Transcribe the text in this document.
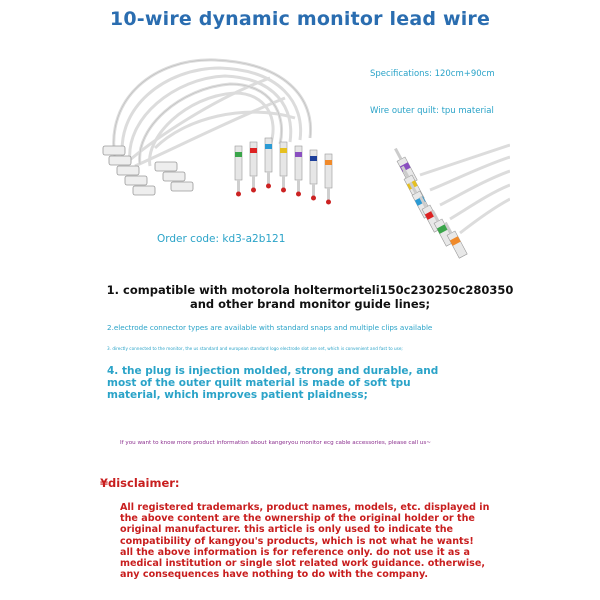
10-wire dynamic monitor lead wire
Specifications: 120cm+90cm
Wire outer quilt: tpu material
Order code: kd3-a2b121
1. compatible with motorola holtermorteli150c230250c280350 and other brand monitor guide lines;
2.electrode connector types are available with standard snaps and multiple clips available
3. directly connected to the monitor, the us standard and european standard logo electrode slot are set, which is convenient and fast to use;
4. the plug is injection molded, strong and durable, and most of the outer quilt material is made of soft tpu material, which improves patient plaidness;
If you want to know more product information about kangeryou monitor ecg cable accessories, please call us~
¥disclaimer:
All registered trademarks, product names, models, etc. displayed in the above content are the ownership of the original holder or the original manufacturer. this article is only used to indicate the compatibility of kangyou's products, which is not what he wants! all the above information is for reference only. do not use it as a medical institution or single slot related work guidance. otherwise, any consequences have nothing to do with the company.
